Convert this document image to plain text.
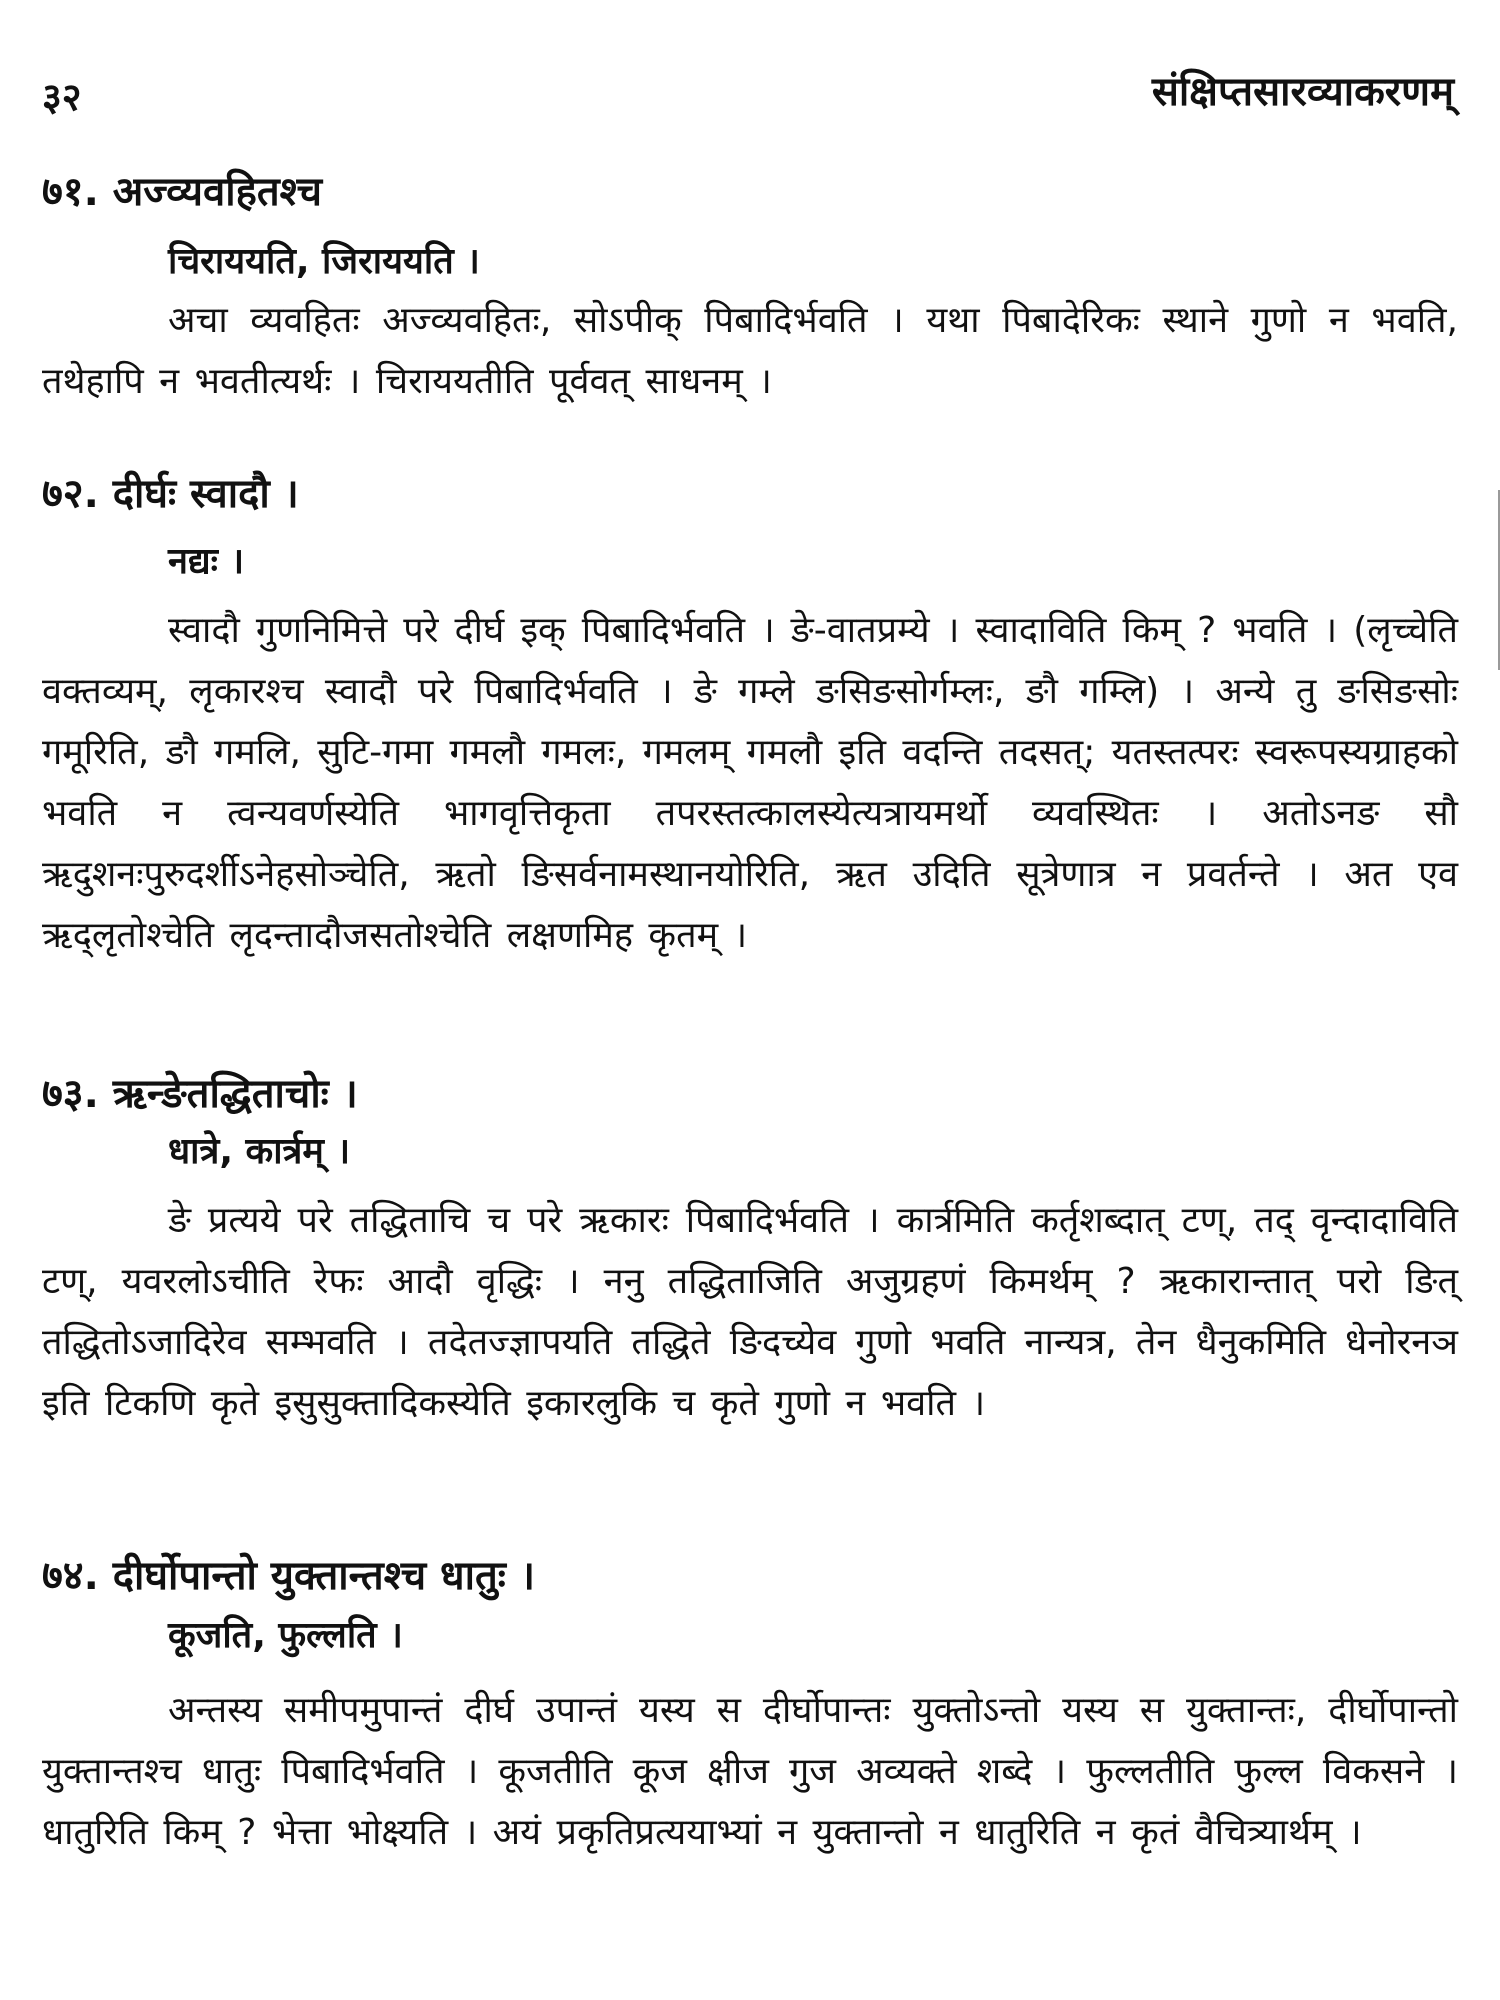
३२	संक्षिप्तसारव्याकरणम्
७१. अज्व्यवहितश्च
चिराययति, जिराययति ।

अचा व्यवहितः अज्व्यवहितः, सोऽपीक् पिबादिर्भवति । यथा पिबादेरिकः स्थाने गुणो न भवति, तथेहापि न भवतीत्यर्थः । चिराययतीति पूर्ववत् साधनम् ।

७२. दीर्घः स्वादौ ।
नद्यः ।

स्वादौ गुणनिमित्ते परे दीर्घ इक् पिबादिर्भवति । ङे-वातप्रम्ये । स्वादाविति किम् ? भवति । (लृच्चेति वक्तव्यम्, लृकारश्च स्वादौ परे पिबादिर्भवति । ङे गम्ले ङसिङसोर्गम्लः, ङौ गम्लि) । अन्ये तु ङसिङसोः गमूरिति, ङौ गमलि, सुटि-गमा गमलौ गमलः, गमलम् गमलौ इति वदन्ति तदसत्; यतस्तत्परः स्वरूपस्यग्राहको भवति न त्वन्यवर्णस्येति भागवृत्तिकृता तपरस्तत्कालस्येत्यत्रायमर्थो व्यवस्थितः । अतोऽनङ सौ ऋदुशनःपुरुदर्शीऽनेहसोञ्चेति, ऋतो ङिसर्वनामस्थानयोरिति, ऋत उदिति सूत्रेणात्र न प्रवर्तन्ते । अत एव ऋद्लृतोश्चेति लृदन्तादौजसतोश्चेति लक्षणमिह कृतम् ।

७३. ऋन्ङेतद्धिताचोः ।
धात्रे, कार्त्रम् ।

ङे प्रत्यये परे तद्धिताचि च परे ऋकारः पिबादिर्भवति । कार्त्रमिति कर्तृशब्दात् टण्, तद् वृन्दादाविति टण्, यवरलोऽचीति रेफः आदौ वृद्धिः । ननु तद्धिताजिति अजुग्रहणं किमर्थम् ? ऋकारान्तात् परो ङित् तद्धितोऽजादिरेव सम्भवति । तदेतज्ज्ञापयति तद्धिते ङिदच्येव गुणो भवति नान्यत्र, तेन धैनुकमिति धेनोरनञ इति टिकणि कृते इसुसुक्तादिकस्येति इकारलुकि च कृते गुणो न भवति ।

७४. दीर्घोपान्तो युक्तान्तश्च धातुः ।
कूजति, फुल्लति ।

अन्तस्य समीपमुपान्तं दीर्घ उपान्तं यस्य स दीर्घोपान्तः युक्तोऽन्तो यस्य स युक्तान्तः, दीर्घोपान्तो युक्तान्तश्च धातुः पिबादिर्भवति । कूजतीति कूज क्षीज गुज अव्यक्ते शब्दे । फुल्लतीति फुल्ल विकसने । धातुरिति किम् ? भेत्ता भोक्ष्यति । अयं प्रकृतिप्रत्ययाभ्यां न युक्तान्तो न धातुरिति न कृतं वैचित्र्यार्थम् ।
